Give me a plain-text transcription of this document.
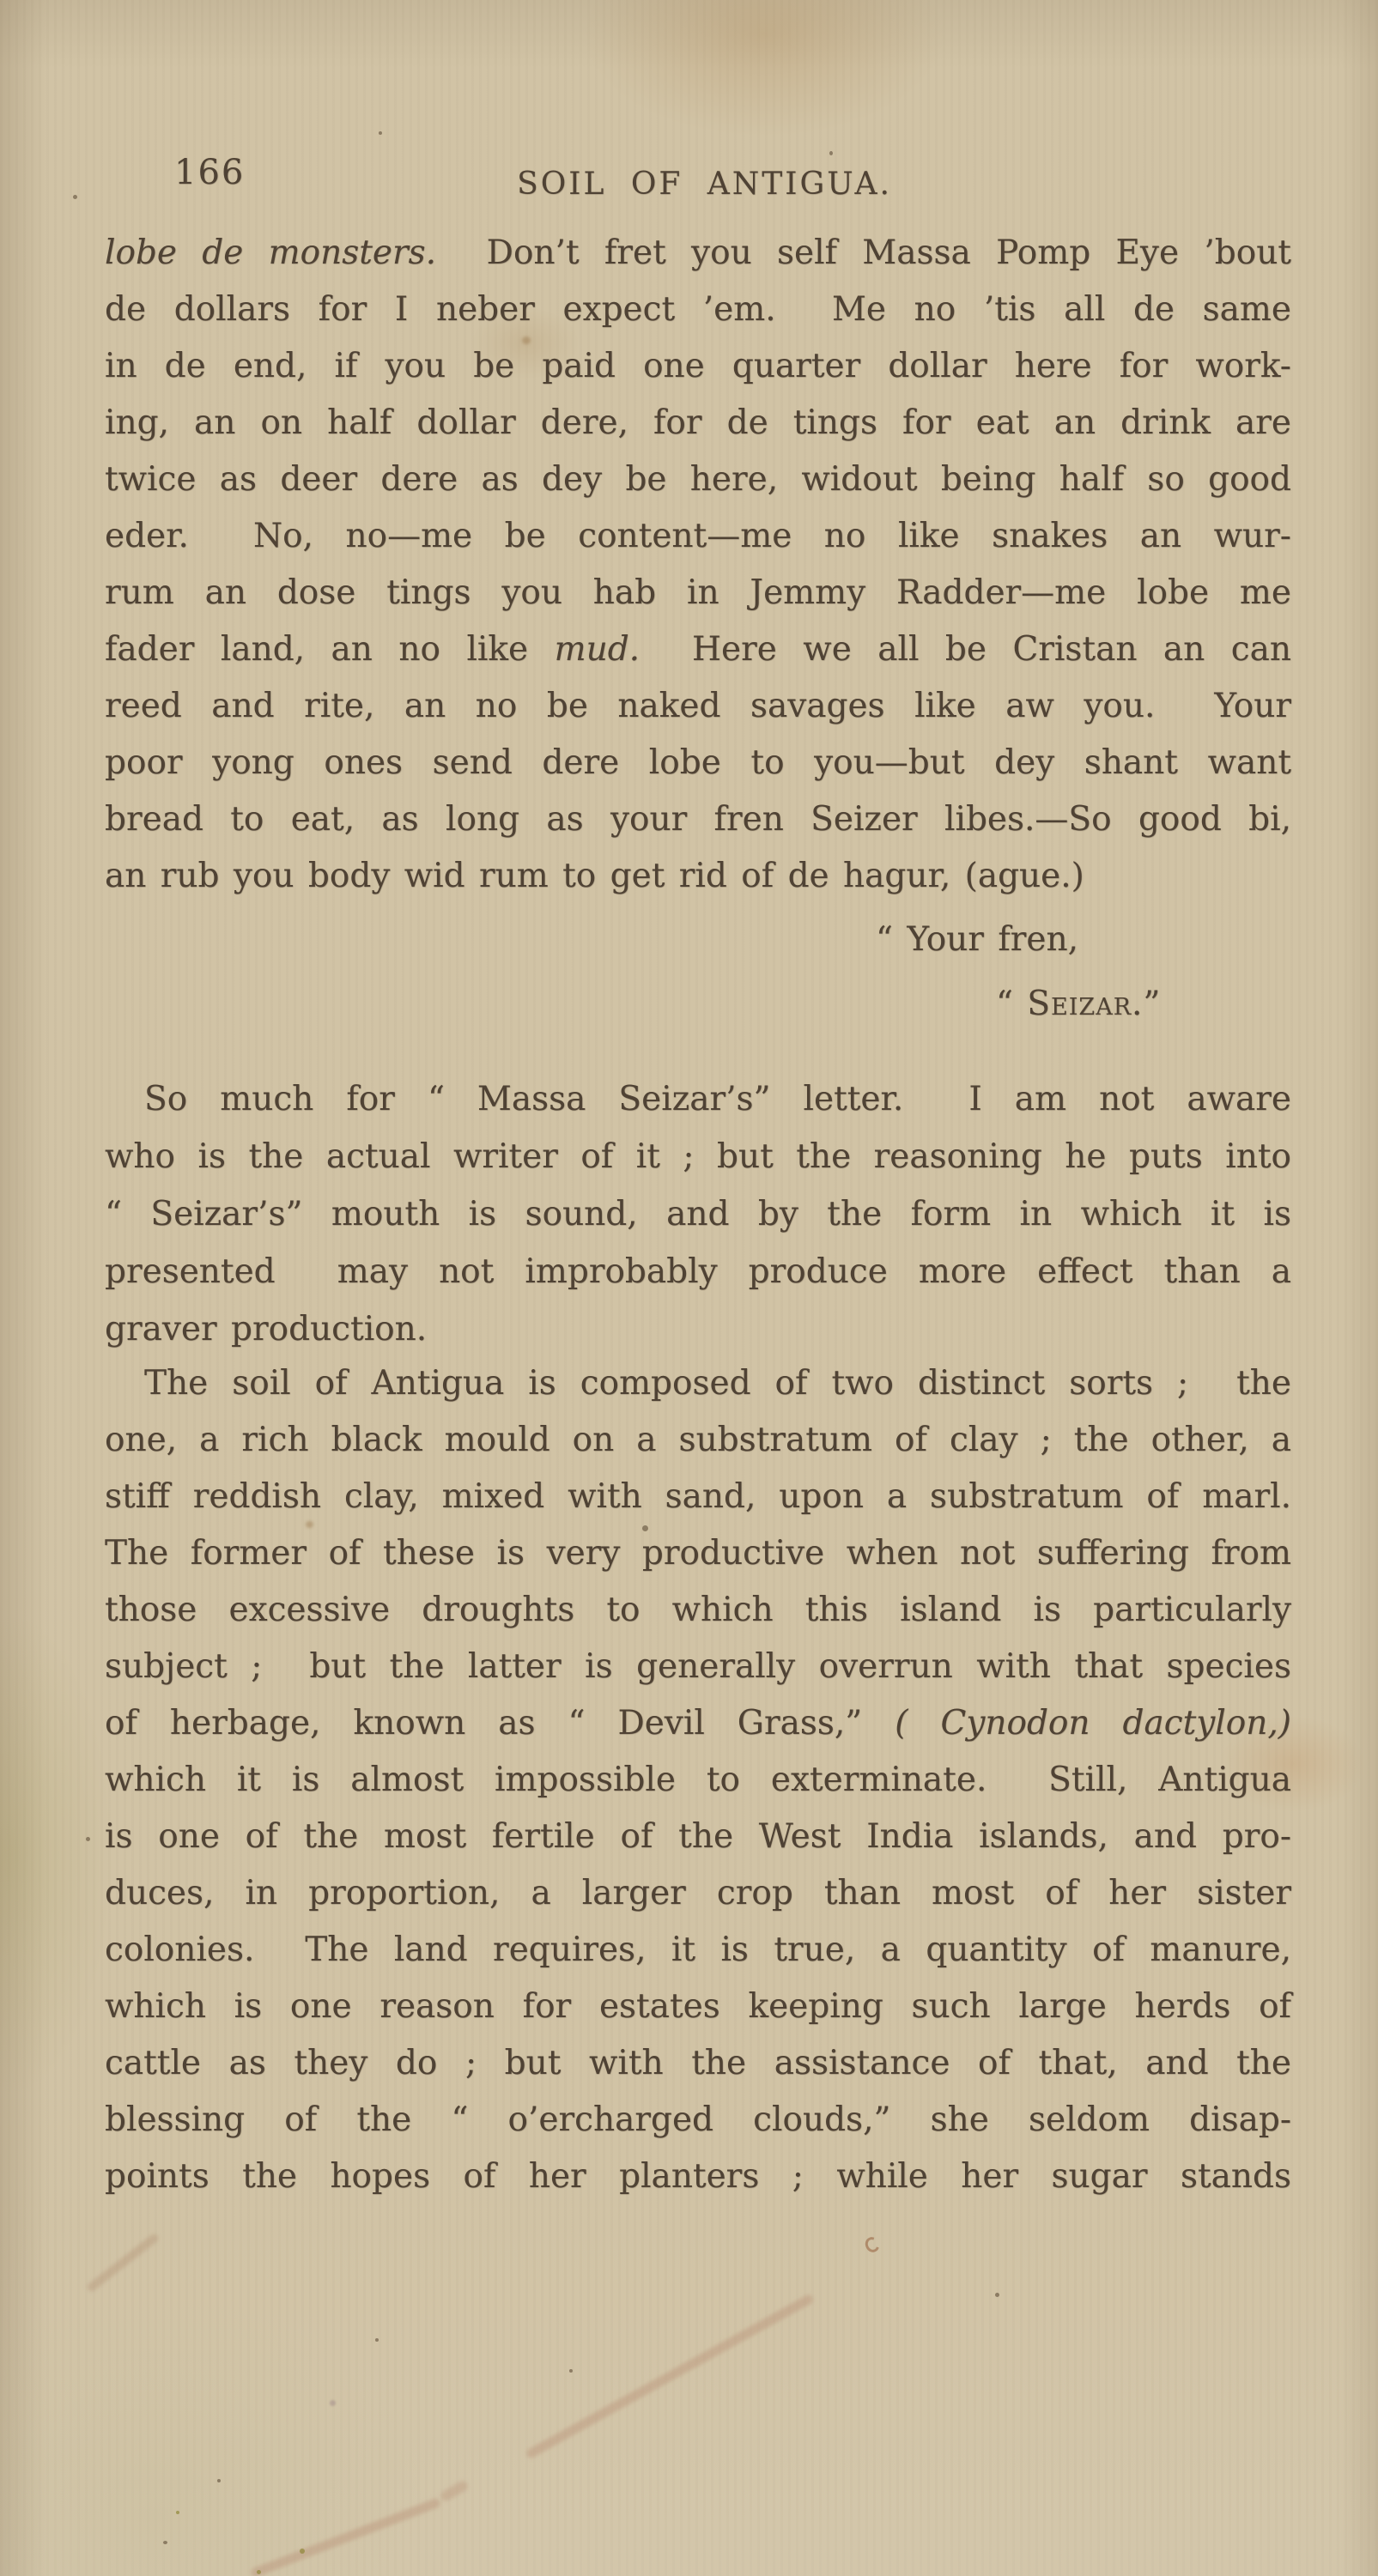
166	SOIL OF ANTIGUA.
lobe de monsters.  Don’t fret you self Massa Pomp Eye ’bout
de dollars for I neber expect ’em.  Me no ’tis all de same
in de end, if you be paid one quarter dollar here for work-
ing, an on half dollar dere, for de tings for eat an drink are
twice as deer dere as dey be here, widout being half so good
eder.  No, no—me be content—me no like snakes an wur-
rum an dose tings you hab in Jemmy Radder—me lobe me
fader land, an no like mud.  Here we all be Cristan an can
reed and rite, an no be naked savages like aw you.  Your
poor yong ones send dere lobe to you—but dey shant want
bread to eat, as long as your fren Seizer libes.—So good bi,
an rub you body wid rum to get rid of de hagur, (ague.)
“ Your fren,
“ Seizar.”
So much for “ Massa Seizar’s” letter.  I am not aware
who is the actual writer of it ; but the reasoning he puts into
“ Seizar’s” mouth is sound, and by the form in which it is
presented  may not improbably produce more effect than a
graver production.
The soil of Antigua is composed of two distinct sorts ;  the
one, a rich black mould on a substratum of clay ; the other, a
stiff reddish clay, mixed with sand, upon a substratum of marl.
The former of these is very productive when not suffering from
those excessive droughts to which this island is particularly
subject ;  but the latter is generally overrun with that species
of herbage, known as “ Devil Grass,” ( Cynodon dactylon,)
which it is almost impossible to exterminate.  Still, Antigua
is one of the most fertile of the West India islands, and pro-
duces, in proportion, a larger crop than most of her sister
colonies.  The land requires, it is true, a quantity of manure,
which is one reason for estates keeping such large herds of
cattle as they do ; but with the assistance of that, and the
blessing of the “ o’ercharged clouds,” she seldom disap-
points the hopes of her planters ; while her sugar stands
